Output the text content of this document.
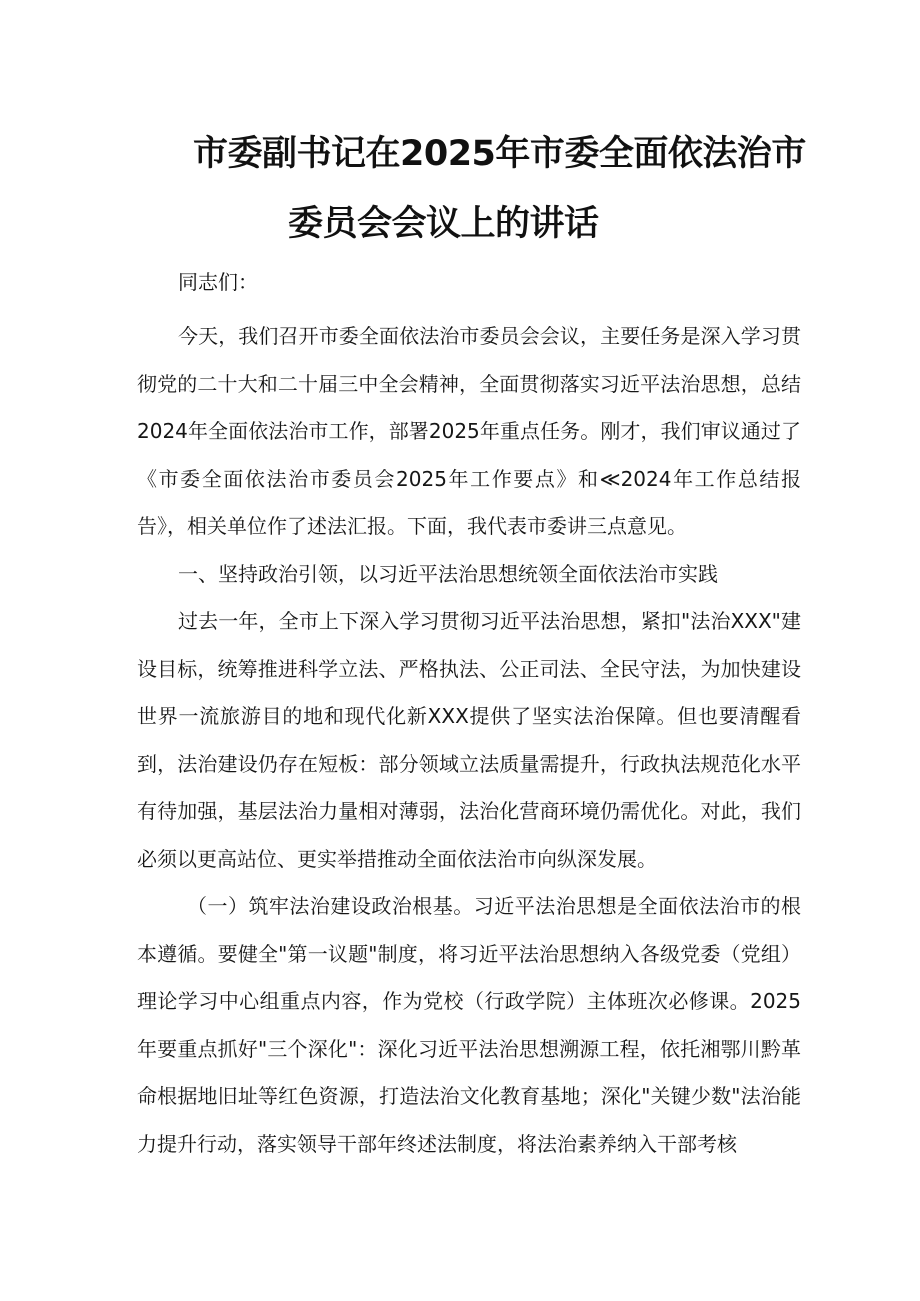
市委副书记在2025年市委全面依法治市
委员会会议上的讲话
同志们：

今天，我们召开市委全面依法治市委员会会议，主要任务是深入学习贯彻党的二十大和二十届三中全会精神，全面贯彻落实习近平法治思想，总结2024年全面依法治市工作，部署2025年重点任务。刚才，我们审议通过了《市委全面依法治市委员会2025年工作要点》和≪2024年工作总结报告》，相关单位作了述法汇报。下面，我代表市委讲三点意见。

一、坚持政治引领，以习近平法治思想统领全面依法治市实践

过去一年，全市上下深入学习贯彻习近平法治思想，紧扣"法治XXX"建设目标，统筹推进科学立法、严格执法、公正司法、全民守法，为加快建设世界一流旅游目的地和现代化新XXX提供了坚实法治保障。但也要清醒看到，法治建设仍存在短板：部分领域立法质量需提升，行政执法规范化水平有待加强，基层法治力量相对薄弱，法治化营商环境仍需优化。对此，我们必须以更高站位、更实举措推动全面依法治市向纵深发展。

（一）筑牢法治建设政治根基。习近平法治思想是全面依法治市的根本遵循。要健全"第一议题"制度，将习近平法治思想纳入各级党委（党组）理论学习中心组重点内容，作为党校（行政学院）主体班次必修课。2025年要重点抓好"三个深化"：深化习近平法治思想溯源工程，依托湘鄂川黔革命根据地旧址等红色资源，打造法治文化教育基地；深化"关键少数"法治能力提升行动，落实领导干部年终述法制度，将法治素养纳入干部考核
